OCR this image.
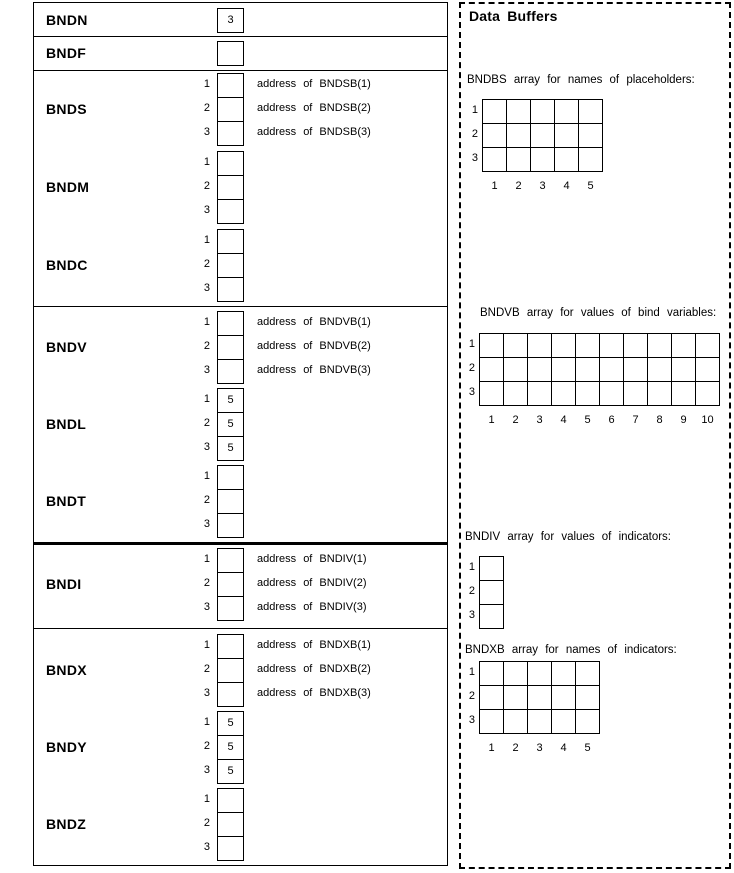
BNDN	3
BNDF
BNDS
1	address of BNDSB(1)
2	address of BNDSB(2)
3	address of BNDSB(3)
BNDM
1
2
3
BNDC
1
2
3
BNDV
1	address of BNDVB(1)
2	address of BNDVB(2)
3	address of BNDVB(3)
BNDL
1	5
2	5
3	5
BNDT
1
2
3
BNDI
1	address of BNDIV(1)
2	address of BNDIV(2)
3	address of BNDIV(3)
BNDX
1	address of BNDXB(1)
2	address of BNDXB(2)
3	address of BNDXB(3)
BNDY
1	5
2	5
3	5
BNDZ
1
2
3
Data Buffers
BNDBS array for names of placeholders:
1
2
3
1	2	3	4	5
BNDVB array for values of bind variables:
1
2
3
1	2	3	4	5	6	7	8	9	10
BNDIV array for values of indicators:
1
2
3
BNDXB array for names of indicators:
1
2
3
1	2	3	4	5
